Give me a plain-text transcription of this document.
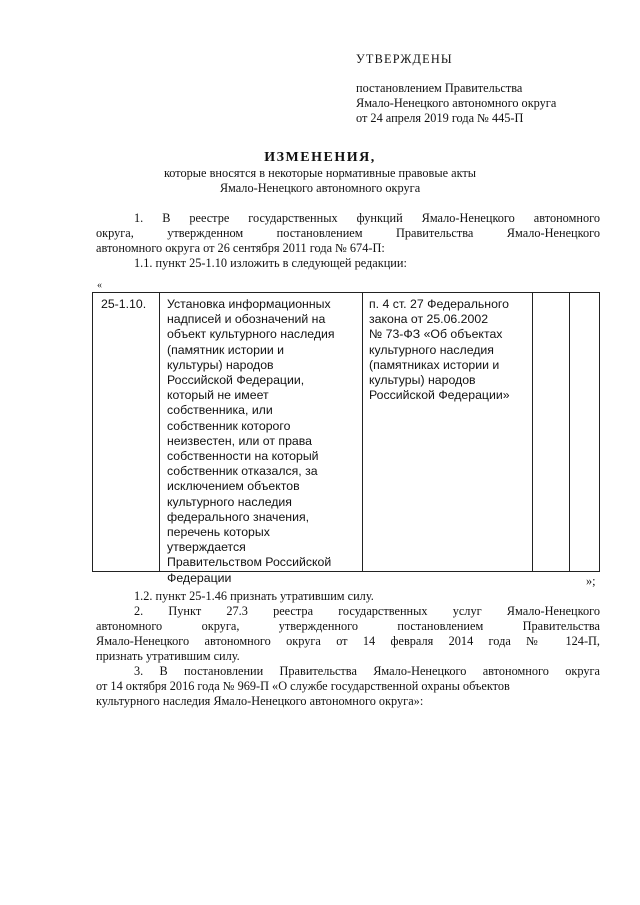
УТВЕРЖДЕНЫ
постановлением Правительства
Ямало-Ненецкого автономного округа
от 24 апреля 2019 года № 445-П
ИЗМЕНЕНИЯ,
которые вносятся в некоторые нормативные правовые акты
Ямало-Ненецкого автономного округа
1. В реестре государственных функций Ямало-Ненецкого автономного
округа, утвержденном постановлением Правительства Ямало-Ненецкого
автономного округа от 26 сентября 2011 года № 674-П:
1.1. пункт 25-1.10 изложить в следующей редакции:
«
25-1.10. Установка информационных
надписей и обозначений на
объект культурного наследия
(памятник истории и
культуры) народов
Российской Федерации,
который не имеет
собственника, или
собственник которого
неизвестен, или от права
собственности на который
собственник отказался, за
исключением объектов
культурного наследия
федерального значения,
перечень которых
утверждается
Правительством Российской
Федерации
п. 4 ст. 27 Федерального
закона от 25.06.2002
№ 73-ФЗ «Об объектах
культурного наследия
(памятниках истории и
культуры) народов
Российской Федерации»
»;
1.2. пункт 25-1.46 признать утратившим силу.
2. Пункт 27.3 реестра государственных услуг Ямало-Ненецкого
автономного округа, утвержденного постановлением Правительства
Ямало-Ненецкого автономного округа от 14 февраля 2014 года № 124-П,
признать утратившим силу.
3. В постановлении Правительства Ямало-Ненецкого автономного округа
от 14 октября 2016 года № 969-П «О службе государственной охраны объектов
культурного наследия Ямало-Ненецкого автономного округа»:
